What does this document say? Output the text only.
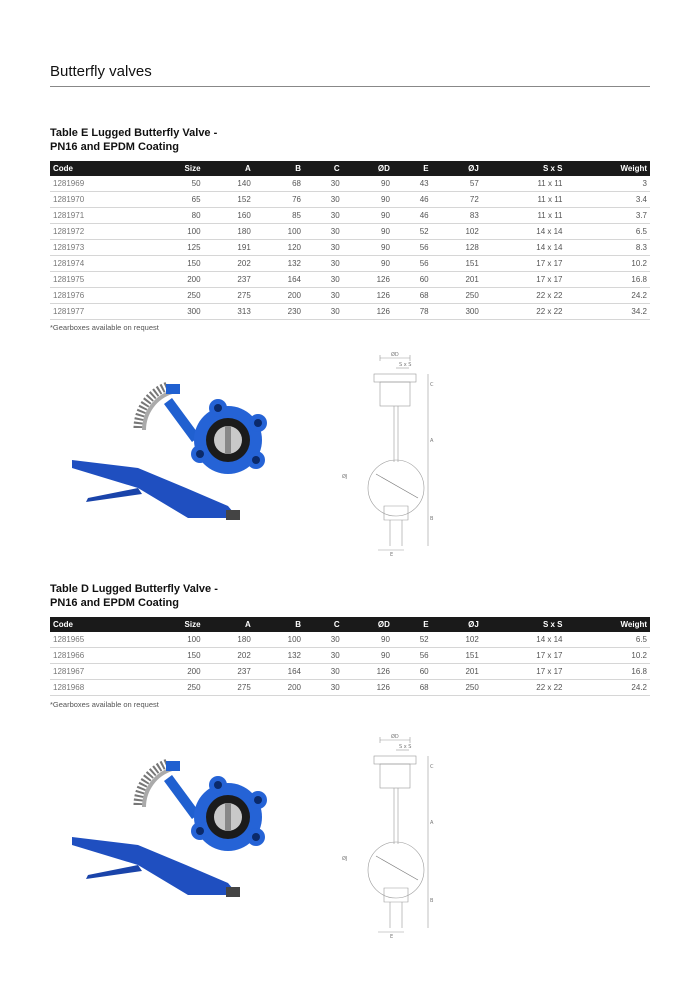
Butterfly valves
Table E Lugged Butterfly Valve -
PN16 and EPDM Coating
Code	Size	A	B	C	ØD	E	ØJ	S x S	Weight
1281969	50	140	68	30	90	43	57	11 x 11	3
1281970	65	152	76	30	90	46	72	11 x 11	3.4
1281971	80	160	85	30	90	46	83	11 x 11	3.7
1281972	100	180	100	30	90	52	102	14 x 14	6.5
1281973	125	191	120	30	90	56	128	14 x 14	8.3
1281974	150	202	132	30	90	56	151	17 x 17	10.2
1281975	200	237	164	30	126	60	201	17 x 17	16.8
1281976	250	275	200	30	126	68	250	22 x 22	24.2
1281977	300	313	230	30	126	78	300	22 x 22	34.2
*Gearboxes available on request
ØD
S x S
C
A
ØJ
B
E
Table D Lugged Butterfly Valve -
PN16 and EPDM Coating
Code	Size	A	B	C	ØD	E	ØJ	S x S	Weight
1281965	100	180	100	30	90	52	102	14 x 14	6.5
1281966	150	202	132	30	90	56	151	17 x 17	10.2
1281967	200	237	164	30	126	60	201	17 x 17	16.8
1281968	250	275	200	30	126	68	250	22 x 22	24.2
*Gearboxes available on request
ØD
S x S
C
A
ØJ
B
E
